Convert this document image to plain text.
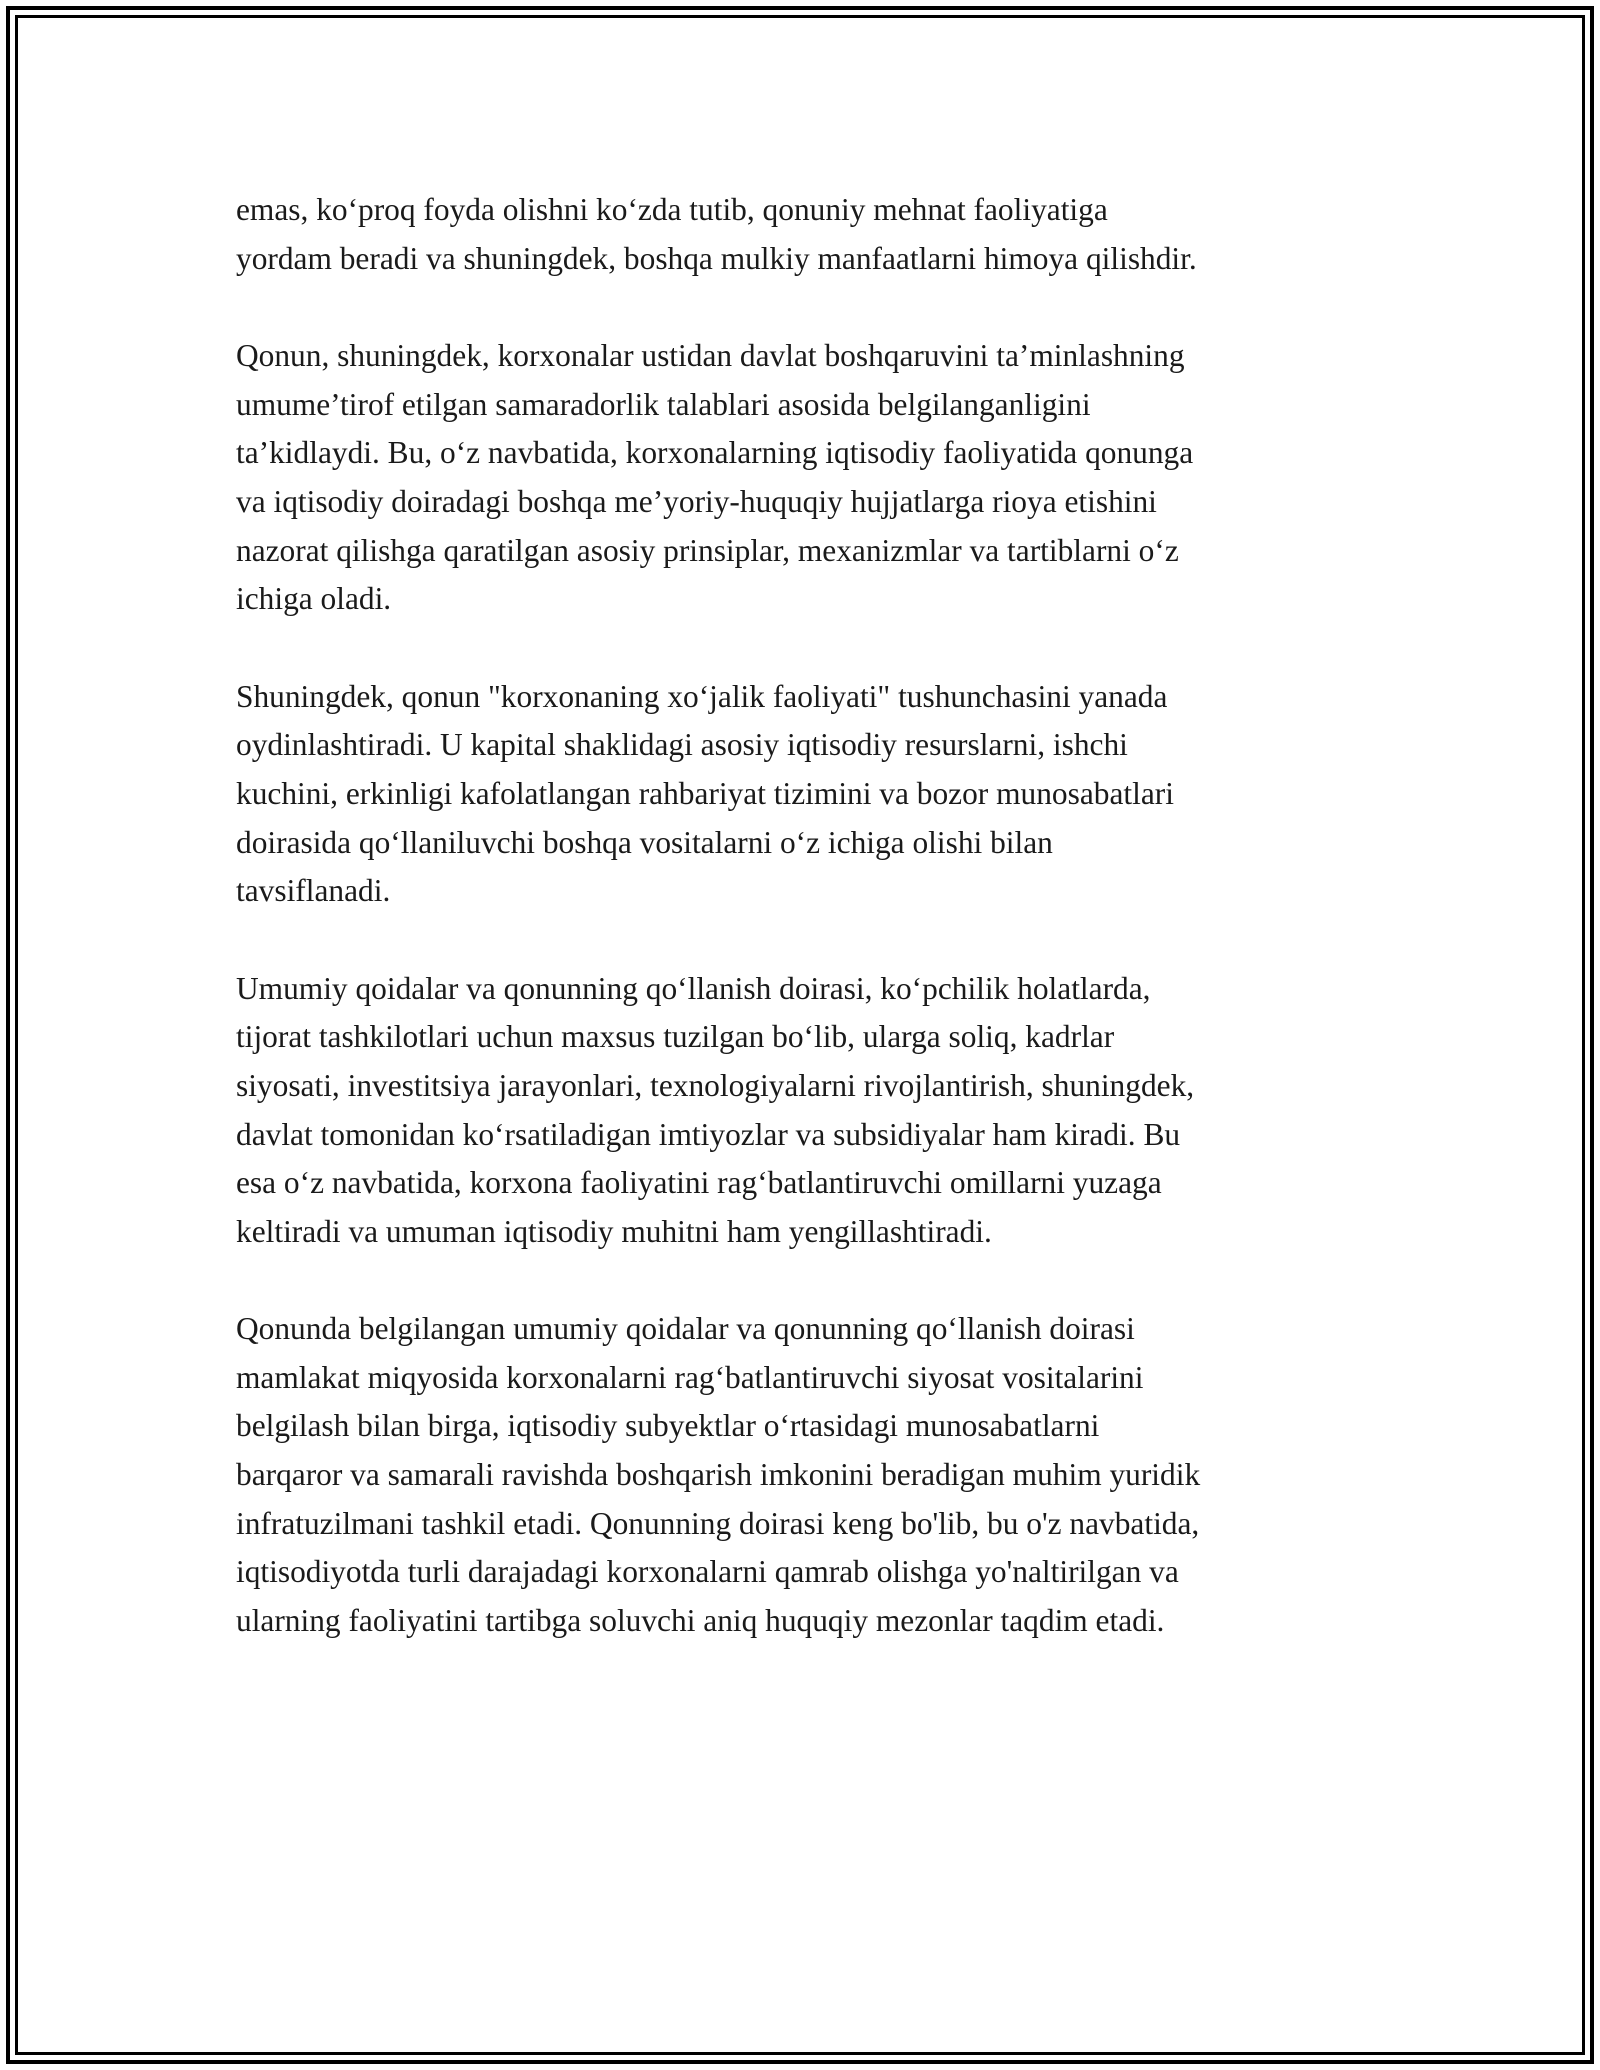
emas, ko‘proq foyda olishni ko‘zda tutib, qonuniy mehnat faoliyatiga
yordam beradi va shuningdek, boshqa mulkiy manfaatlarni himoya qilishdir.

Qonun, shuningdek, korxonalar ustidan davlat boshqaruvini ta’minlashning
umume’tirof etilgan samaradorlik talablari asosida belgilanganligini
ta’kidlaydi. Bu, o‘z navbatida, korxonalarning iqtisodiy faoliyatida qonunga
va iqtisodiy doiradagi boshqa me’yoriy-huquqiy hujjatlarga rioya etishini
nazorat qilishga qaratilgan asosiy prinsiplar, mexanizmlar va tartiblarni o‘z
ichiga oladi.

Shuningdek, qonun "korxonaning xo‘jalik faoliyati" tushunchasini yanada
oydinlashtiradi. U kapital shaklidagi asosiy iqtisodiy resurslarni, ishchi
kuchini, erkinligi kafolatlangan rahbariyat tizimini va bozor munosabatlari
doirasida qo‘llaniluvchi boshqa vositalarni o‘z ichiga olishi bilan
tavsiflanadi.

Umumiy qoidalar va qonunning qo‘llanish doirasi, ko‘pchilik holatlarda,
tijorat tashkilotlari uchun maxsus tuzilgan bo‘lib, ularga soliq, kadrlar
siyosati, investitsiya jarayonlari, texnologiyalarni rivojlantirish, shuningdek,
davlat tomonidan ko‘rsatiladigan imtiyozlar va subsidiyalar ham kiradi. Bu
esa o‘z navbatida, korxona faoliyatini rag‘batlantiruvchi omillarni yuzaga
keltiradi va umuman iqtisodiy muhitni ham yengillashtiradi.

Qonunda belgilangan umumiy qoidalar va qonunning qo‘llanish doirasi
mamlakat miqyosida korxonalarni rag‘batlantiruvchi siyosat vositalarini
belgilash bilan birga, iqtisodiy subyektlar o‘rtasidagi munosabatlarni
barqaror va samarali ravishda boshqarish imkonini beradigan muhim yuridik
infratuzilmani tashkil etadi. Qonunning doirasi keng bo'lib, bu o'z navbatida,
iqtisodiyotda turli darajadagi korxonalarni qamrab olishga yo'naltirilgan va
ularning faoliyatini tartibga soluvchi aniq huquqiy mezonlar taqdim etadi.
